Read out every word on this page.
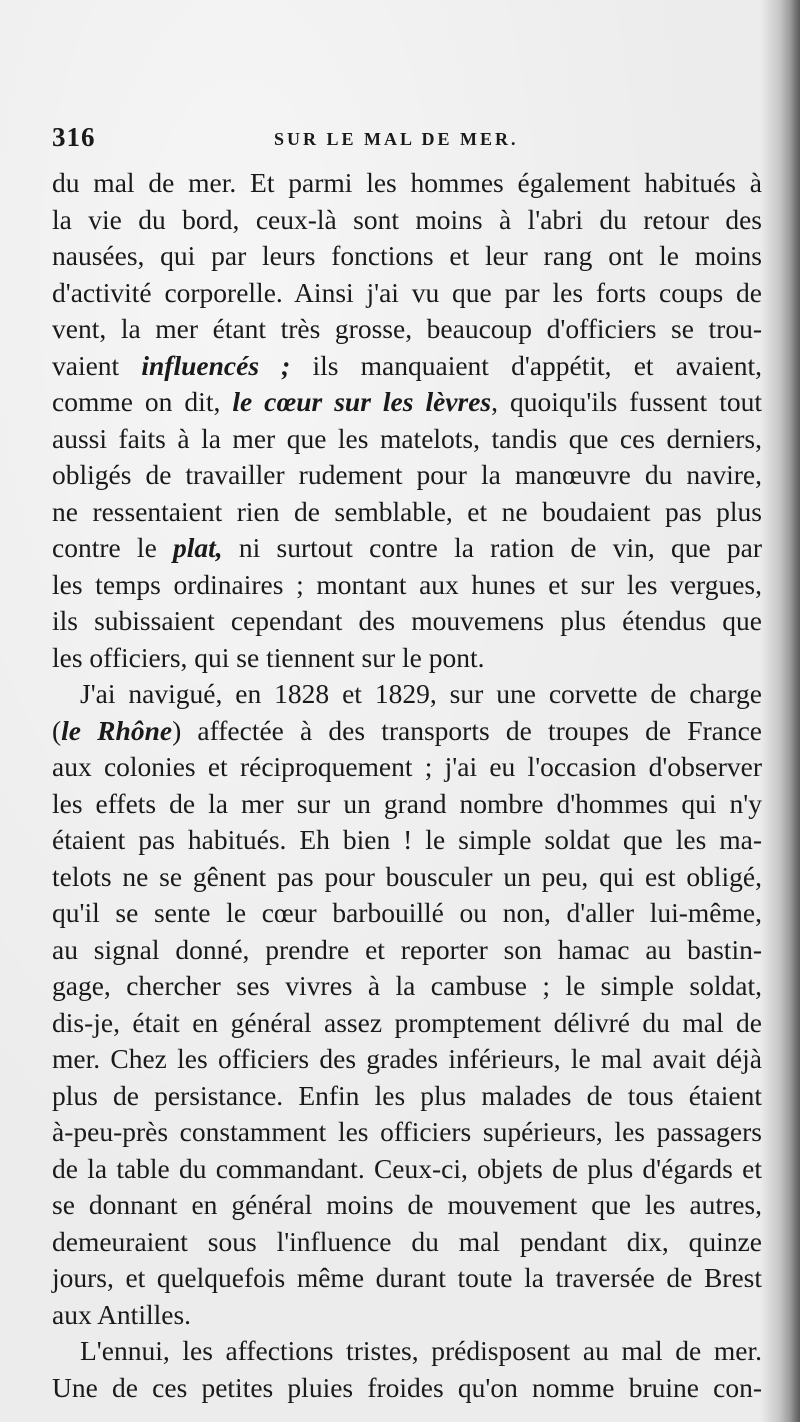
316	SUR LE MAL DE MER.
du mal de mer. Et parmi les hommes également habitués à
la vie du bord, ceux-là sont moins à l'abri du retour des
nausées, qui par leurs fonctions et leur rang ont le moins
d'activité corporelle. Ainsi j'ai vu que par les forts coups de
vent, la mer étant très grosse, beaucoup d'officiers se trou-
vaient influencés ; ils manquaient d'appétit, et avaient,
comme on dit, le cœur sur les lèvres, quoiqu'ils fussent tout
aussi faits à la mer que les matelots, tandis que ces derniers,
obligés de travailler rudement pour la manœuvre du navire,
ne ressentaient rien de semblable, et ne boudaient pas plus
contre le plat, ni surtout contre la ration de vin, que par
les temps ordinaires ; montant aux hunes et sur les vergues,
ils subissaient cependant des mouvemens plus étendus que
les officiers, qui se tiennent sur le pont.
J'ai navigué, en 1828 et 1829, sur une corvette de charge
(le Rhône) affectée à des transports de troupes de France
aux colonies et réciproquement ; j'ai eu l'occasion d'observer
les effets de la mer sur un grand nombre d'hommes qui n'y
étaient pas habitués. Eh bien ! le simple soldat que les ma-
telots ne se gênent pas pour bousculer un peu, qui est obligé,
qu'il se sente le cœur barbouillé ou non, d'aller lui-même,
au signal donné, prendre et reporter son hamac au bastin-
gage, chercher ses vivres à la cambuse ; le simple soldat,
dis-je, était en général assez promptement délivré du mal de
mer. Chez les officiers des grades inférieurs, le mal avait déjà
plus de persistance. Enfin les plus malades de tous étaient
à-peu-près constamment les officiers supérieurs, les passagers
de la table du commandant. Ceux-ci, objets de plus d'égards et
se donnant en général moins de mouvement que les autres,
demeuraient sous l'influence du mal pendant dix, quinze
jours, et quelquefois même durant toute la traversée de Brest
aux Antilles.
L'ennui, les affections tristes, prédisposent au mal de mer.
Une de ces petites pluies froides qu'on nomme bruine con-
